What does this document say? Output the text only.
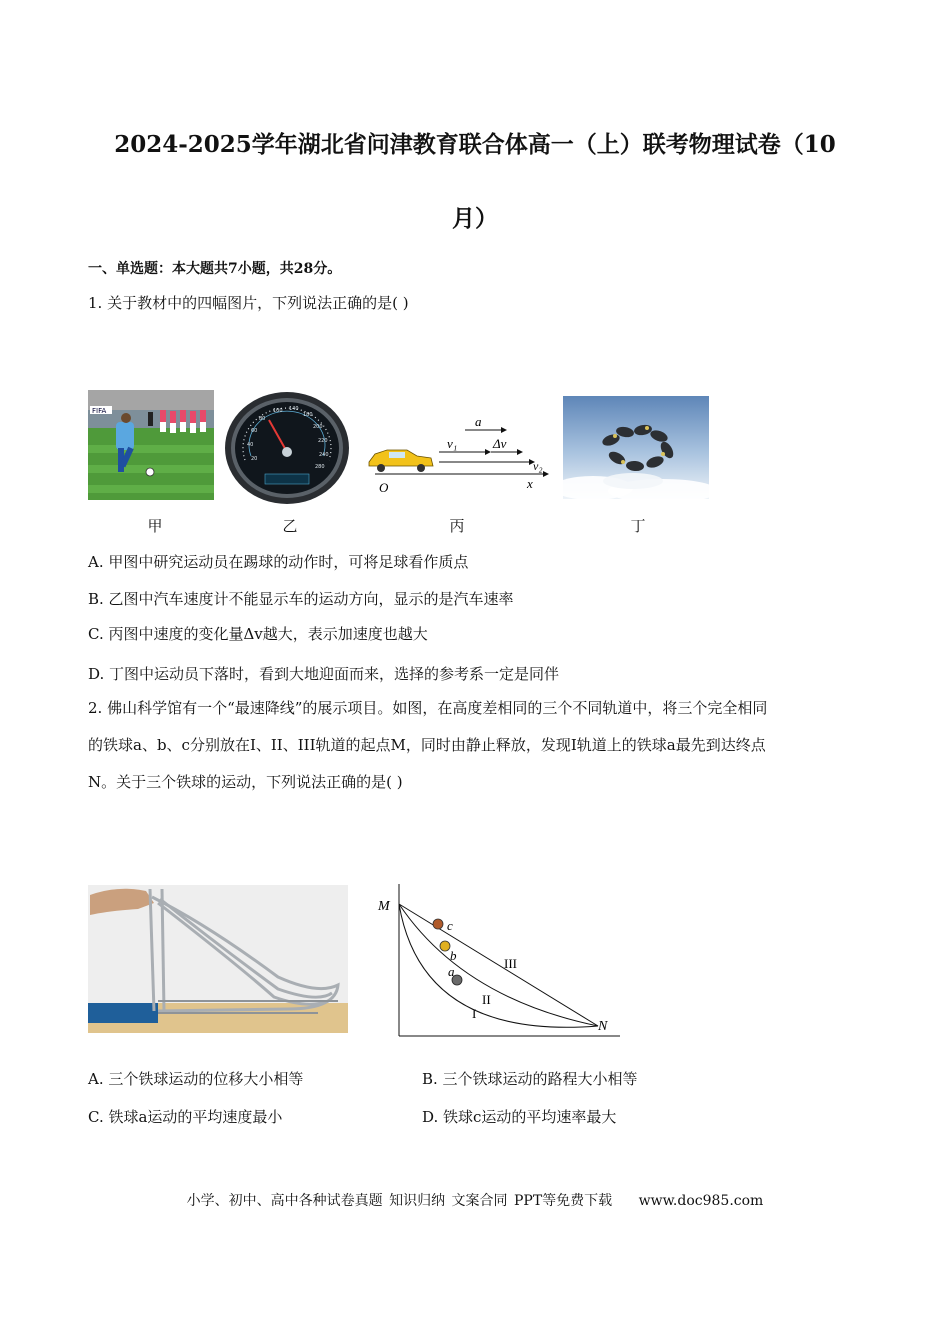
2024-2025学年湖北省问津教育联合体高一（上）联考物理试卷（10
月）
一、单选题：本大题共7小题，共28分。
1. 关于教材中的四幅图片，下列说法正确的是( )
FIFA
甲
20
40
60
80
100 140
180
200
220
240
280
乙
a
v₁	Δv
v₂
O	x
丙	丁
A. 甲图中研究运动员在踢球的动作时，可将足球看作质点
B. 乙图中汽车速度计不能显示车的运动方向，显示的是汽车速率
C. 丙图中速度的变化量Δv越大，表示加速度也越大
D. 丁图中运动员下落时，看到大地迎面而来，选择的参考系一定是同伴
2. 佛山科学馆有一个“最速降线”的展示项目。如图，在高度差相同的三个不同轨道中，将三个完全相同
的铁球a、b、c分别放在I、II、III轨道的起点M，同时由静止释放，发现I轨道上的铁球a最先到达终点
N。关于三个铁球的运动，下列说法正确的是( )
M
N
c
b
a
III
II
I
A. 三个铁球运动的位移大小相等	B. 三个铁球运动的路程大小相等
C. 铁球a运动的平均速度最小	D. 铁球c运动的平均速率最大
小学、初中、高中各种试卷真题 知识归纳 文案合同 PPT等免费下载 www.doc985.com
